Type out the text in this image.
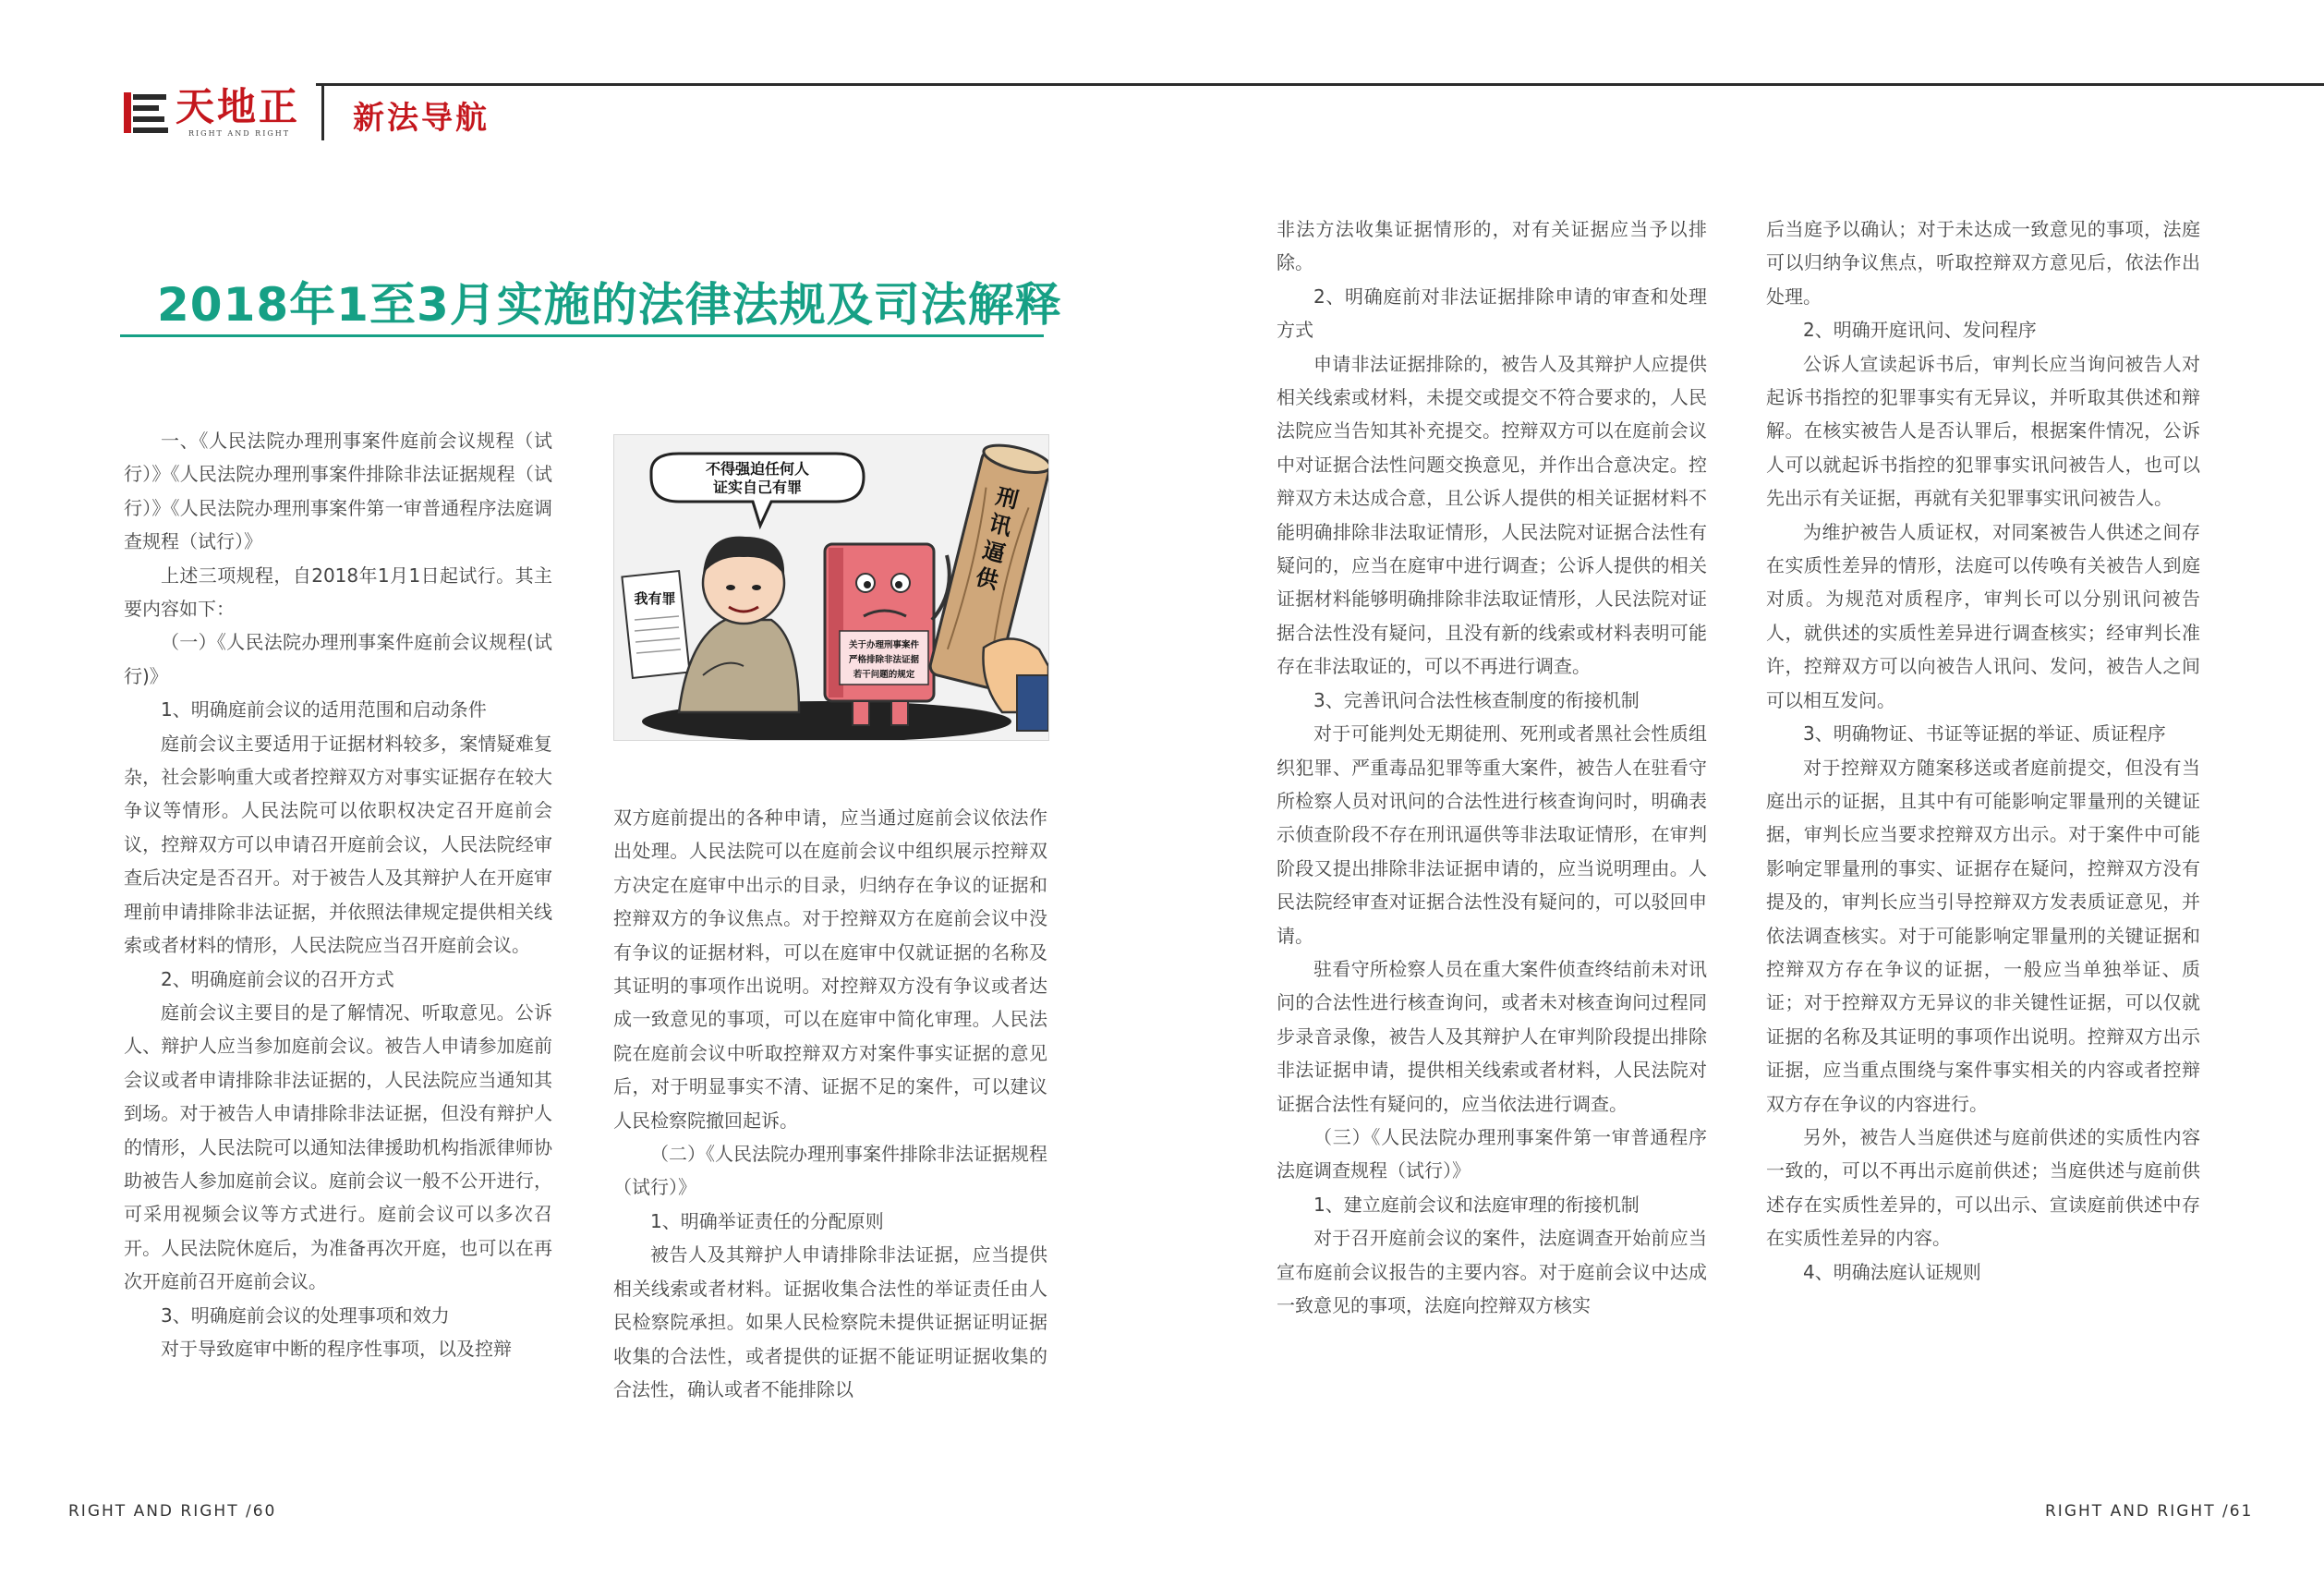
天地正
RIGHT AND RIGHT 新法导航
2018年1至3月实施的法律法规及司法解释

一、《人民法院办理刑事案件庭前会议规程（试行）》《人民法院办理刑事案件排除非法证据规程（试行）》《人民法院办理刑事案件第一审普通程序法庭调查规程（试行）》

上述三项规程，自2018年1月1日起试行。其主要内容如下：

（一）《人民法院办理刑事案件庭前会议规程(试行)》

1、明确庭前会议的适用范围和启动条件

庭前会议主要适用于证据材料较多，案情疑难复杂，社会影响重大或者控辩双方对事实证据存在较大争议等情形。人民法院可以依职权决定召开庭前会议，控辩双方可以申请召开庭前会议，人民法院经审查后决定是否召开。对于被告人及其辩护人在开庭审理前申请排除非法证据，并依照法律规定提供相关线索或者材料的情形，人民法院应当召开庭前会议。

2、明确庭前会议的召开方式

庭前会议主要目的是了解情况、听取意见。公诉人、辩护人应当参加庭前会议。被告人申请参加庭前会议或者申请排除非法证据的，人民法院应当通知其到场。对于被告人申请排除非法证据，但没有辩护人的情形，人民法院可以通知法律援助机构指派律师协助被告人参加庭前会议。庭前会议一般不公开进行，可采用视频会议等方式进行。庭前会议可以多次召开。人民法院休庭后，为准备再次开庭，也可以在再次开庭前召开庭前会议。

3、明确庭前会议的处理事项和效力

对于导致庭审中断的程序性事项，以及控辩

不得强迫任何人
证实自己有罪
我有罪
关于办理刑事案件
严格排除非法证据
若干问题的规定
刑
讯
逼
供

双方庭前提出的各种申请，应当通过庭前会议依法作出处理。人民法院可以在庭前会议中组织展示控辩双方决定在庭审中出示的目录，归纳存在争议的证据和控辩双方的争议焦点。对于控辩双方在庭前会议中没有争议的证据材料，可以在庭审中仅就证据的名称及其证明的事项作出说明。对控辩双方没有争议或者达成一致意见的事项，可以在庭审中简化审理。人民法院在庭前会议中听取控辩双方对案件事实证据的意见后，对于明显事实不清、证据不足的案件，可以建议人民检察院撤回起诉。

（二）《人民法院办理刑事案件排除非法证据规程（试行）》

1、明确举证责任的分配原则

被告人及其辩护人申请排除非法证据，应当提供相关线索或者材料。证据收集合法性的举证责任由人民检察院承担。如果人民检察院未提供证据证明证据收集的合法性，或者提供的证据不能证明证据收集的合法性，确认或者不能排除以

非法方法收集证据情形的，对有关证据应当予以排除。

2、明确庭前对非法证据排除申请的审查和处理方式

申请非法证据排除的，被告人及其辩护人应提供相关线索或材料，未提交或提交不符合要求的，人民法院应当告知其补充提交。控辩双方可以在庭前会议中对证据合法性问题交换意见，并作出合意决定。控辩双方未达成合意，且公诉人提供的相关证据材料不能明确排除非法取证情形，人民法院对证据合法性有疑问的，应当在庭审中进行调查；公诉人提供的相关证据材料能够明确排除非法取证情形，人民法院对证据合法性没有疑问，且没有新的线索或材料表明可能存在非法取证的，可以不再进行调查。

3、完善讯问合法性核查制度的衔接机制

对于可能判处无期徒刑、死刑或者黑社会性质组织犯罪、严重毒品犯罪等重大案件，被告人在驻看守所检察人员对讯问的合法性进行核查询问时，明确表示侦查阶段不存在刑讯逼供等非法取证情形，在审判阶段又提出排除非法证据申请的，应当说明理由。人民法院经审查对证据合法性没有疑问的，可以驳回申请。

驻看守所检察人员在重大案件侦查终结前未对讯问的合法性进行核查询问，或者未对核查询问过程同步录音录像，被告人及其辩护人在审判阶段提出排除非法证据申请，提供相关线索或者材料，人民法院对证据合法性有疑问的，应当依法进行调查。

（三）《人民法院办理刑事案件第一审普通程序法庭调查规程（试行）》

1、建立庭前会议和法庭审理的衔接机制

对于召开庭前会议的案件，法庭调查开始前应当宣布庭前会议报告的主要内容。对于庭前会议中达成一致意见的事项，法庭向控辩双方核实

后当庭予以确认；对于未达成一致意见的事项，法庭可以归纳争议焦点，听取控辩双方意见后，依法作出处理。

2、明确开庭讯问、发问程序

公诉人宣读起诉书后，审判长应当询问被告人对起诉书指控的犯罪事实有无异议，并听取其供述和辩解。在核实被告人是否认罪后，根据案件情况，公诉人可以就起诉书指控的犯罪事实讯问被告人，也可以先出示有关证据，再就有关犯罪事实讯问被告人。

为维护被告人质证权，对同案被告人供述之间存在实质性差异的情形，法庭可以传唤有关被告人到庭对质。为规范对质程序，审判长可以分别讯问被告人，就供述的实质性差异进行调查核实；经审判长准许，控辩双方可以向被告人讯问、发问，被告人之间可以相互发问。

3、明确物证、书证等证据的举证、质证程序

对于控辩双方随案移送或者庭前提交，但没有当庭出示的证据，且其中有可能影响定罪量刑的关键证据，审判长应当要求控辩双方出示。对于案件中可能影响定罪量刑的事实、证据存在疑问，控辩双方没有提及的，审判长应当引导控辩双方发表质证意见，并依法调查核实。对于可能影响定罪量刑的关键证据和控辩双方存在争议的证据，一般应当单独举证、质证；对于控辩双方无异议的非关键性证据，可以仅就证据的名称及其证明的事项作出说明。控辩双方出示证据，应当重点围绕与案件事实相关的内容或者控辩双方存在争议的内容进行。

另外，被告人当庭供述与庭前供述的实质性内容一致的，可以不再出示庭前供述；当庭供述与庭前供述存在实质性差异的，可以出示、宣读庭前供述中存在实质性差异的内容。

4、明确法庭认证规则

RIGHT AND RIGHT /60	RIGHT AND RIGHT /61
